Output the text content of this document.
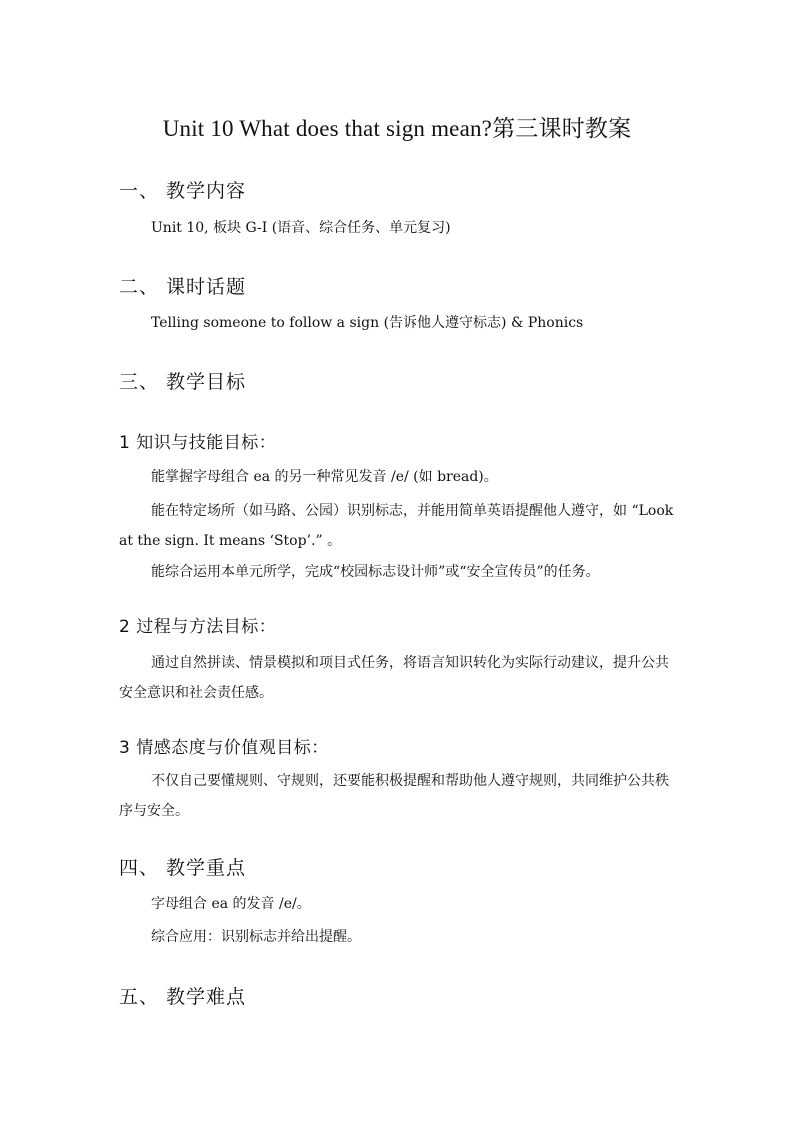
Unit 10 What does that sign mean?第三课时教案
一、 教学内容
Unit 10, 板块 G-I (语音、综合任务、单元复习)
二、 课时话题
Telling someone to follow a sign (告诉他人遵守标志) & Phonics
三、 教学目标
1 知识与技能目标：
能掌握字母组合 ea 的另一种常见发音 /e/ (如 bread)。
能在特定场所（如马路、公园）识别标志，并能用简单英语提醒他人遵守，如 “Look at the sign. It means ‘Stop’.” 。
能综合运用本单元所学，完成“校园标志设计师”或“安全宣传员”的任务。
2 过程与方法目标：
通过自然拼读、情景模拟和项目式任务，将语言知识转化为实际行动建议，提升公共安全意识和社会责任感。
3 情感态度与价值观目标：
不仅自己要懂规则、守规则，还要能积极提醒和帮助他人遵守规则，共同维护公共秩序与安全。
四、 教学重点
字母组合 ea 的发音 /e/。
综合应用：识别标志并给出提醒。
五、 教学难点
